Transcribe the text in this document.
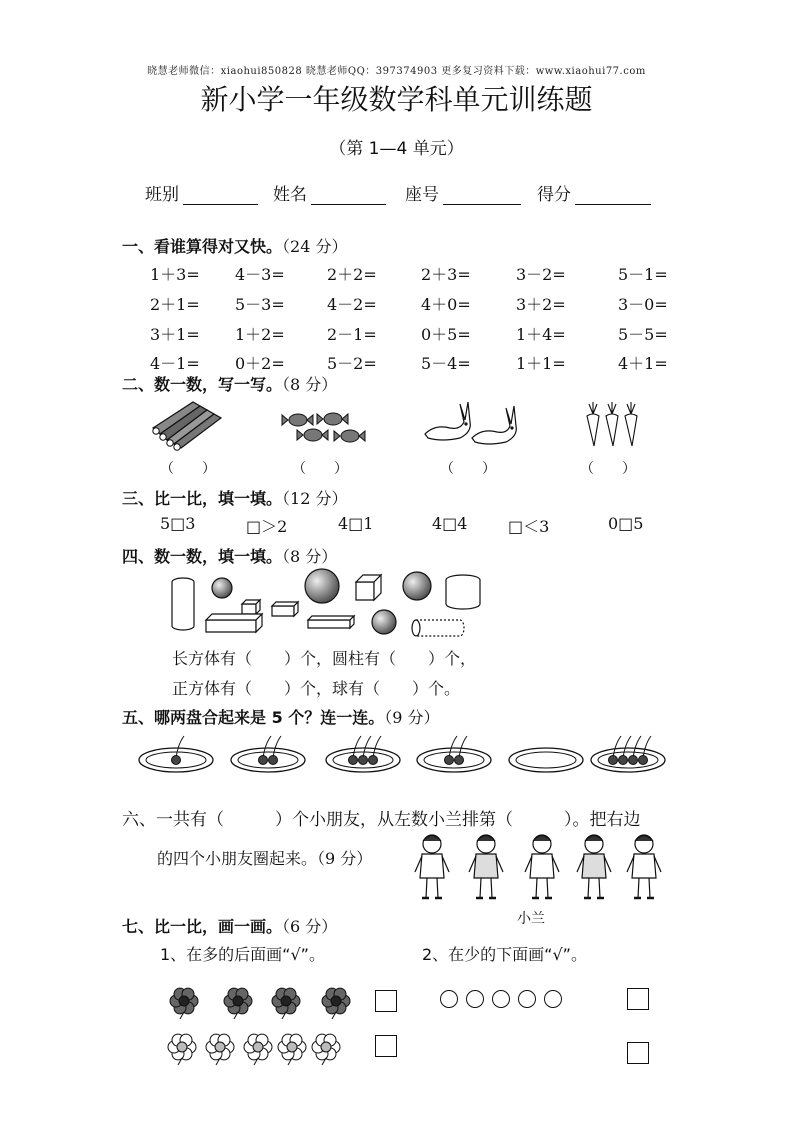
晓慧老师微信：xiaohui850828 晓慧老师QQ：397374903 更多复习资料下载：www.xiaohui77.com
新小学一年级数学科单元训练题
（第 1—4 单元）
班别	姓名	座号	得分
一、看谁算得对又快。（24 分）
二、数一数，写一写。（8 分）
（　　）	（　　）	（　　）	（　　）
三、比一比，填一填。（12 分）
5□3	□＞2	4□1	4□4	□＜3	0□5
四、数一数，填一填。（8 分）
长方体有（　　）个，圆柱有（　　）个，
正方体有（　　）个，球有（　　）个。
五、哪两盘合起来是 5 个？连一连。（9 分）
六、一共有（　　　）个小朋友，从左数小兰排第（　　　）。把右边
的四个小朋友圈起来。（9 分）
小兰
七、比一比，画一画。（6 分）
1、在多的后面画“√”。	2、在少的下面画“√”。
1＋3= 4－3=	2＋2=	2＋3=	3－2=	5－1=
2＋1= 5－3=	4－2=	4＋0=	3＋2=	3－0=
3＋1= 1＋2=	2－1=	0＋5=	1＋4=	5－5=
4－1= 0＋2=	5－2=	5－4=	1＋1=	4＋1=
